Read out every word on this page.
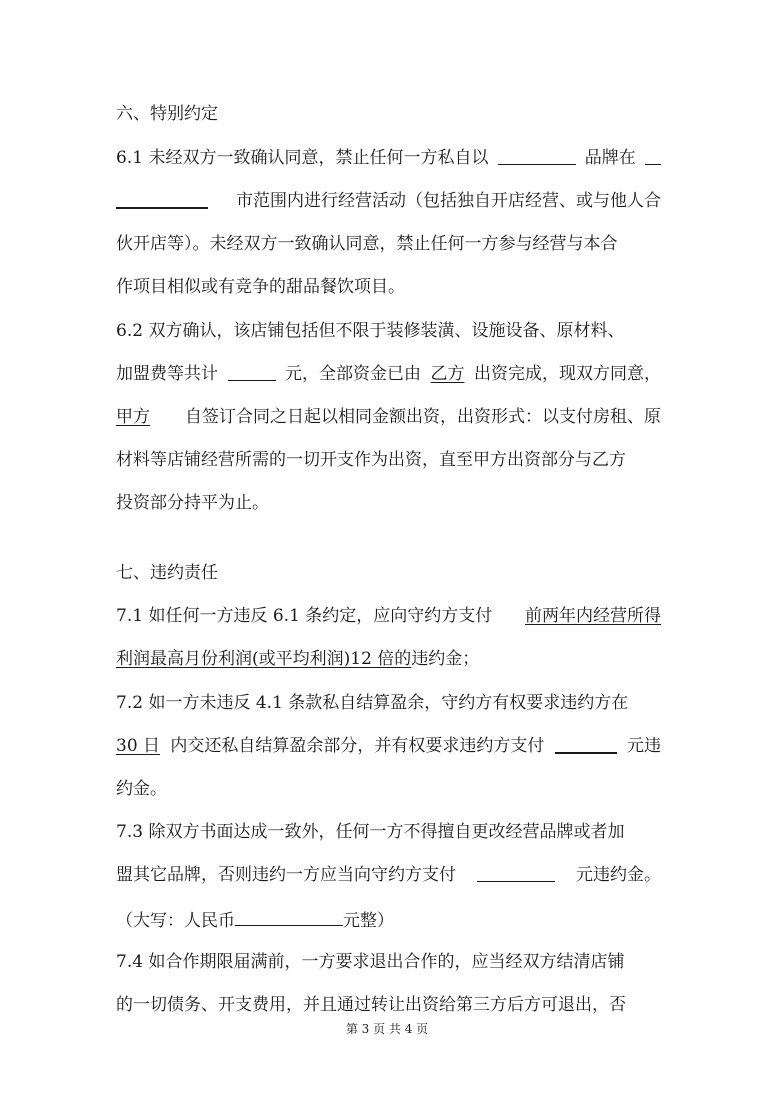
六、特别约定
6.1 未经双方一致确认同意，禁止任何一方私自以	品牌在
市范围内进行经营活动（包括独自开店经营、或与他人合
伙开店等）。未经双方一致确认同意，禁止任何一方参与经营与本合
作项目相似或有竞争的甜品餐饮项目。
6.2 双方确认，该店铺包括但不限于装修装潢、设施设备、原材料、
加盟费等共计	元，全部资金已由 乙方 出资完成，现双方同意，
甲方 自签订合同之日起以相同金额出资，出资形式：以支付房租、原
材料等店铺经营所需的一切开支作为出资，直至甲方出资部分与乙方
投资部分持平为止。
七、违约责任
7.1 如任何一方违反 6.1 条约定，应向守约方支付 前两年内经营所得
利润最高月份利润(或平均利润)12 倍的违约金；
7.2 如一方未违反 4.1 条款私自结算盈余，守约方有权要求违约方在
30 日 内交还私自结算盈余部分，并有权要求违约方支付	元违
约金。
7.3 除双方书面达成一致外，任何一方不得擅自更改经营品牌或者加
盟其它品牌，否则违约一方应当向守约方支付	元违约金。
（大写：人民币	元整）
7.4 如合作期限届满前，一方要求退出合作的，应当经双方结清店铺
的一切债务、开支费用，并且通过转让出资给第三方后方可退出，否
第 3 页 共 4 页
